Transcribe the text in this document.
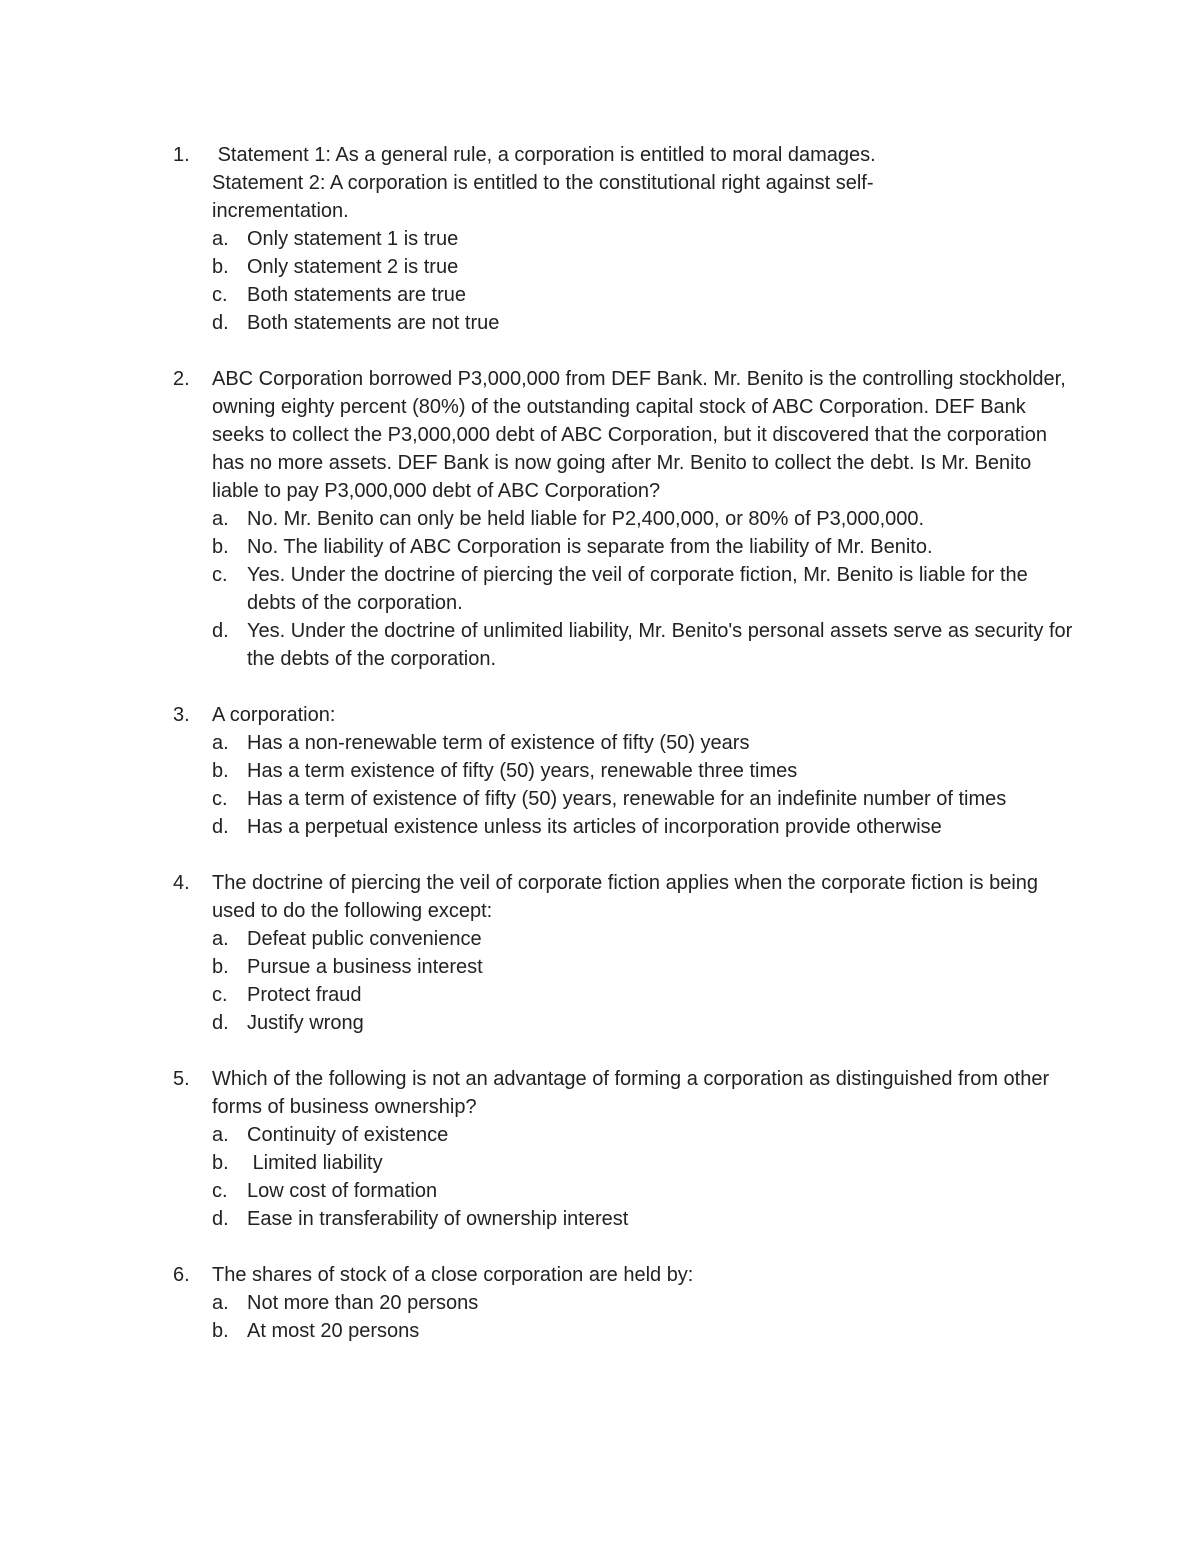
1.	Statement 1: As a general rule, a corporation is entitled to moral damages.

Statement 2: A corporation is entitled to the constitutional right against self-incrementation.

a. Only statement 1 is true
b. Only statement 2 is true
c. Both statements are true
d. Both statements are not true
2.	ABC Corporation borrowed P3,000,000 from DEF Bank. Mr. Benito is the controlling stockholder, owning eighty percent (80%) of the outstanding capital stock of ABC Corporation. DEF Bank seeks to collect the P3,000,000 debt of ABC Corporation, but it discovered that the corporation has no more assets. DEF Bank is now going after Mr. Benito to collect the debt. Is Mr. Benito liable to pay P3,000,000 debt of ABC Corporation?

a. No. Mr. Benito can only be held liable for P2,400,000, or 80% of P3,000,000.
b. No. The liability of ABC Corporation is separate from the liability of Mr. Benito.
c. Yes. Under the doctrine of piercing the veil of corporate fiction, Mr. Benito is liable for the debts of the corporation.
d. Yes. Under the doctrine of unlimited liability, Mr. Benito's personal assets serve as security for the debts of the corporation.
3.	A corporation:

a. Has a non-renewable term of existence of fifty (50) years
b. Has a term existence of fifty (50) years, renewable three times
c. Has a term of existence of fifty (50) years, renewable for an indefinite number of times
d. Has a perpetual existence unless its articles of incorporation provide otherwise
4.	The doctrine of piercing the veil of corporate fiction applies when the corporate fiction is being used to do the following except:

a. Defeat public convenience
b. Pursue a business interest
c. Protect fraud
d. Justify wrong
5.	Which of the following is not an advantage of forming a corporation as distinguished from other forms of business ownership?

a. Continuity of existence
b. Limited liability
c. Low cost of formation
d. Ease in transferability of ownership interest
6.	The shares of stock of a close corporation are held by:

a. Not more than 20 persons
b. At most 20 persons
